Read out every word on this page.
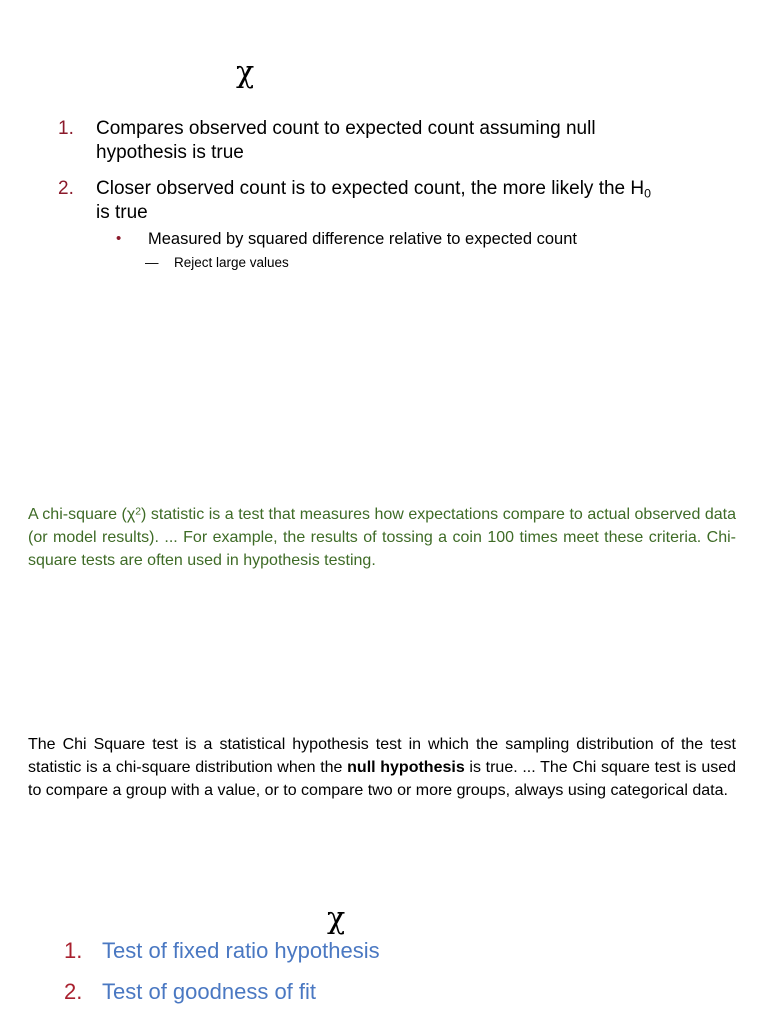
χ
1. Compares observed count to expected count assuming null hypothesis is true
2. Closer observed count is to expected count, the more likely the $H_0$
is true
• Measured by squared difference relative to expected count
— Reject large values
A chi-square $(\chi^2)$ statistic is a test that measures how expectations compare to actual observed data (or model results). ... For example, the results of tossing a coin 100 times meet these criteria. Chi-square tests are often used in hypothesis testing.
The Chi Square test is a statistical hypothesis test in which the sampling distribution of the test statistic is a chi-square distribution when the null hypothesis is true. ... The Chi square test is used to compare a group with a value, or to compare two or more groups, always using categorical data.
χ
1. Test of fixed ratio hypothesis
2. Test of goodness of fit
